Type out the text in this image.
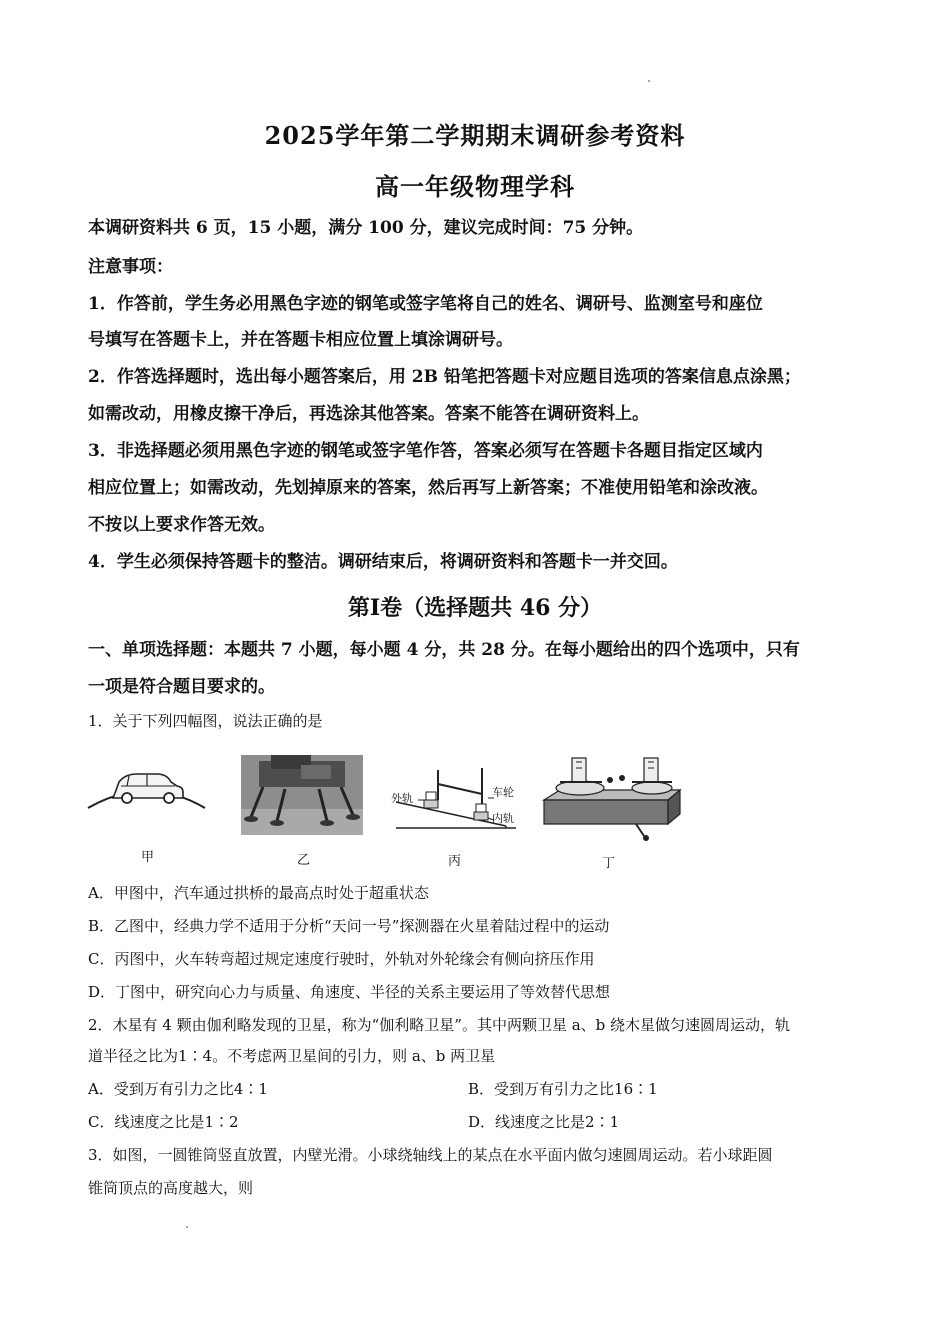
2025学年第二学期期末调研参考资料
高一年级物理学科
本调研资料共 6 页，15 小题，满分 100 分，建议完成时间：75 分钟。
注意事项：
1．作答前，学生务必用黑色字迹的钢笔或签字笔将自己的姓名、调研号、监测室号和座位
号填写在答题卡上，并在答题卡相应位置上填涂调研号。
2．作答选择题时，选出每小题答案后，用 2B 铅笔把答题卡对应题目选项的答案信息点涂黑；
如需改动，用橡皮擦干净后，再选涂其他答案。答案不能答在调研资料上。
3．非选择题必须用黑色字迹的钢笔或签字笔作答，答案必须写在答题卡各题目指定区域内
相应位置上；如需改动，先划掉原来的答案，然后再写上新答案；不准使用铅笔和涂改液。
不按以上要求作答无效。
4．学生必须保持答题卡的整洁。调研结束后，将调研资料和答题卡一并交回。
第Ⅰ卷（选择题共 46 分）
一、单项选择题：本题共 7 小题，每小题 4 分，共 28 分。在每小题给出的四个选项中，只有
一项是符合题目要求的。
1．关于下列四幅图，说法正确的是
甲	乙
外轨	车轮
内轨
丙	丁
A．甲图中，汽车通过拱桥的最高点时处于超重状态
B．乙图中，经典力学不适用于分析“天问一号”探测器在火星着陆过程中的运动
C．丙图中，火车转弯超过规定速度行驶时，外轨对外轮缘会有侧向挤压作用
D．丁图中，研究向心力与质量、角速度、半径的关系主要运用了等效替代思想
2．木星有 4 颗由伽利略发现的卫星，称为“伽利略卫星”。其中两颗卫星 a、b 绕木星做匀速圆周运动，轨
道半径之比为1∶4。不考虑两卫星间的引力，则 a、b 两卫星
A．受到万有引力之比4∶1	B．受到万有引力之比16∶1
C．线速度之比是1∶2	D．线速度之比是2∶1
3．如图，一圆锥筒竖直放置，内壁光滑。小球绕轴线上的某点在水平面内做匀速圆周运动。若小球距圆
锥筒顶点的高度越大，则
